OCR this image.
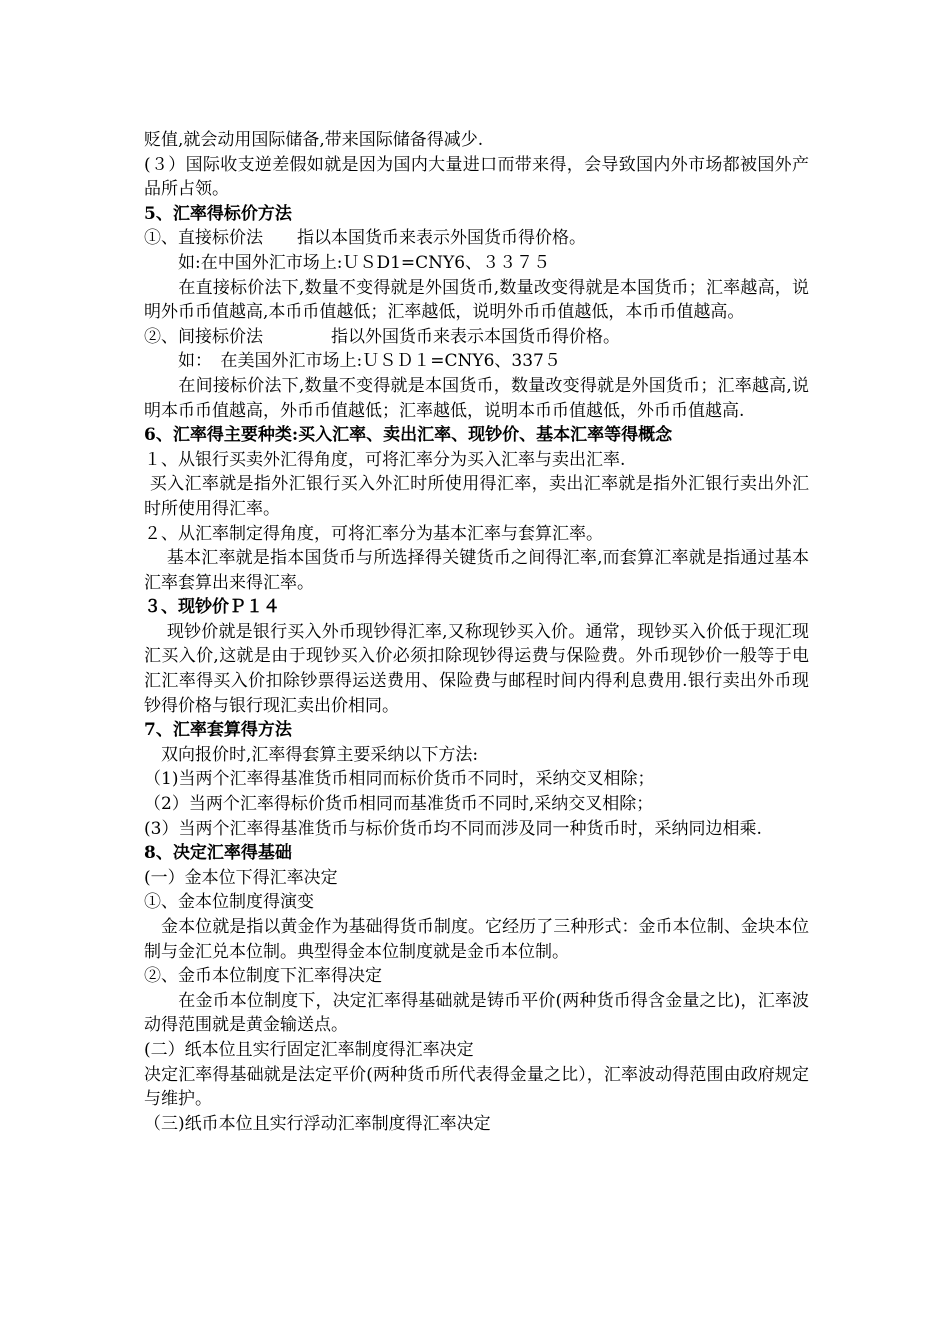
贬值,就会动用国际储备,带来国际储备得减少.

(３）国际收支逆差假如就是因为国内大量进口而带来得，会导致国内外市场都被国外产品所占领。

5、汇率得标价方法

①、直接标价法　　指以本国货币来表示外国货币得价格。

　　如:在中国外汇市场上:ＵＳD1=CNY6、３３７５

　　在直接标价法下,数量不变得就是外国货币,数量改变得就是本国货币；汇率越高，说明外币币值越高,本币币值越低；汇率越低，说明外币币值越低，本币币值越高。

②、间接标价法　　　　指以外国货币来表示本国货币得价格。

　　如：　在美国外汇市场上:ＵＳＤ１=CNY6、337５

　　在间接标价法下,数量不变得就是本国货币，数量改变得就是外国货币；汇率越高,说明本币币值越高，外币币值越低；汇率越低，说明本币币值越低，外币币值越高.

6、汇率得主要种类:买入汇率、卖出汇率、现钞价、基本汇率等得概念

１、从银行买卖外汇得角度，可将汇率分为买入汇率与卖出汇率.

买入汇率就是指外汇银行买入外汇时所使用得汇率，卖出汇率就是指外汇银行卖出外汇时所使用得汇率。

２、从汇率制定得角度，可将汇率分为基本汇率与套算汇率。

　 基本汇率就是指本国货币与所选择得关键货币之间得汇率,而套算汇率就是指通过基本汇率套算出来得汇率。

３、现钞价Ｐ１４

　 现钞价就是银行买入外币现钞得汇率,又称现钞买入价。通常，现钞买入价低于现汇现汇买入价,这就是由于现钞买入价必须扣除现钞得运费与保险费。外币现钞价一般等于电汇汇率得买入价扣除钞票得运送费用、保险费与邮程时间内得利息费用.银行卖出外币现钞得价格与银行现汇卖出价相同。

7、汇率套算得方法

　双向报价时,汇率得套算主要采纳以下方法:

（1)当两个汇率得基准货币相同而标价货币不同时，采纳交叉相除；

（2）当两个汇率得标价货币相同而基准货币不同时,采纳交叉相除；

(3）当两个汇率得基准货币与标价货币均不同而涉及同一种货币时，采纳同边相乘.

8、决定汇率得基础

(一）金本位下得汇率决定

①、金本位制度得演变

　金本位就是指以黄金作为基础得货币制度。它经历了三种形式：金币本位制、金块本位制与金汇兑本位制。典型得金本位制度就是金币本位制。

②、金币本位制度下汇率得决定

　　在金币本位制度下，决定汇率得基础就是铸币平价(两种货币得含金量之比)，汇率波动得范围就是黄金输送点。

(二）纸本位且实行固定汇率制度得汇率决定

决定汇率得基础就是法定平价(两种货币所代表得金量之比），汇率波动得范围由政府规定与维护。

（三)纸币本位且实行浮动汇率制度得汇率决定
